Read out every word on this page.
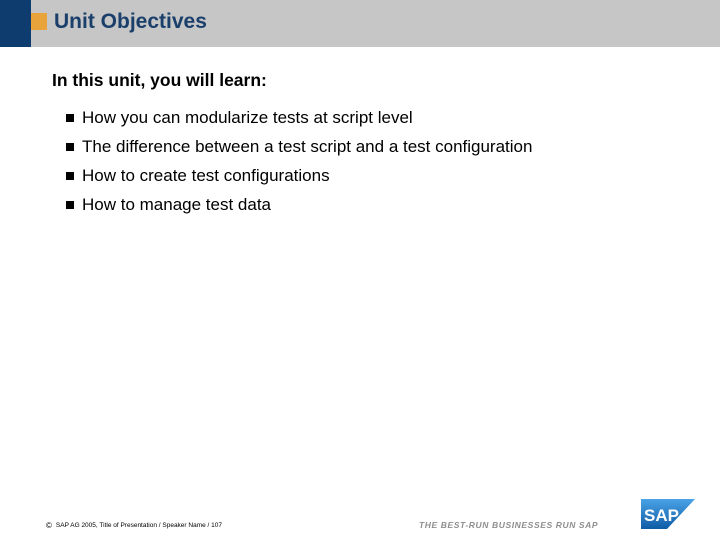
Unit Objectives
In this unit, you will learn:
How you can modularize tests at script level
The difference between a test script and a test configuration
How to create test configurations
How to manage test data
© SAP AG 2005, Title of Presentation / Speaker Name / 107	THE BEST-RUN BUSINESSES RUN SAP	SAP
